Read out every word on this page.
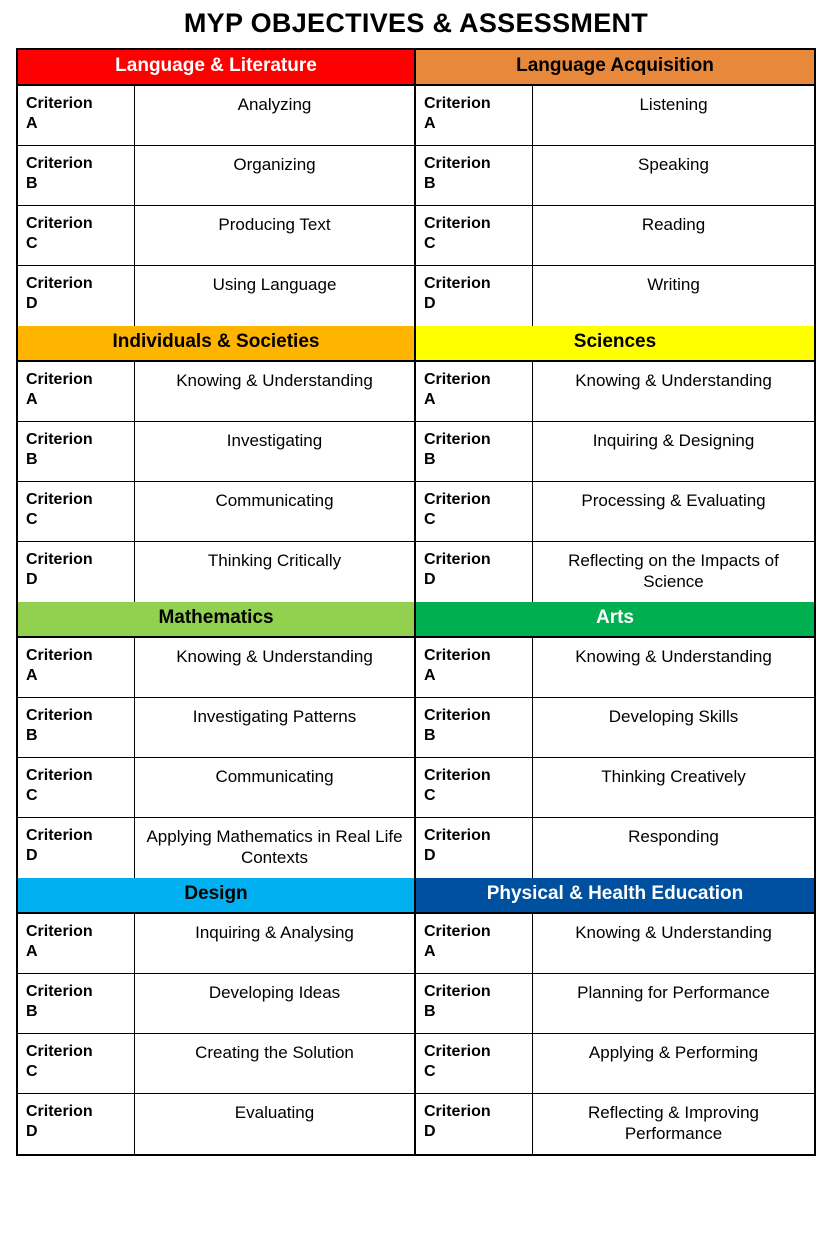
MYP OBJECTIVES & ASSESSMENT
Language & Literature
Criterion
A
Analyzing
Criterion
B
Organizing
Criterion
C
Producing Text
Criterion
D
Using Language
Language Acquisition
Criterion
A
Listening
Criterion
B
Speaking
Criterion
C
Reading
Criterion
D
Writing
Individuals & Societies
Criterion
A
Knowing & Understanding
Criterion
B
Investigating
Criterion
C
Communicating
Criterion
D
Thinking Critically
Sciences
Criterion
A
Knowing & Understanding
Criterion
B
Inquiring & Designing
Criterion
C
Processing & Evaluating
Criterion
D
Reflecting on the Impacts of Science
Mathematics
Criterion
A
Knowing & Understanding
Criterion
B
Investigating Patterns
Criterion
C
Communicating
Criterion
D
Applying Mathematics in Real Life Contexts
Arts
Criterion
A
Knowing & Understanding
Criterion
B
Developing Skills
Criterion
C
Thinking Creatively
Criterion
D
Responding
Design
Criterion
A
Inquiring & Analysing
Criterion
B
Developing Ideas
Criterion
C
Creating the Solution
Criterion
D
Evaluating
Physical & Health Education
Criterion
A
Knowing & Understanding
Criterion
B
Planning for Performance
Criterion
C
Applying & Performing
Criterion
D
Reflecting & Improving Performance
